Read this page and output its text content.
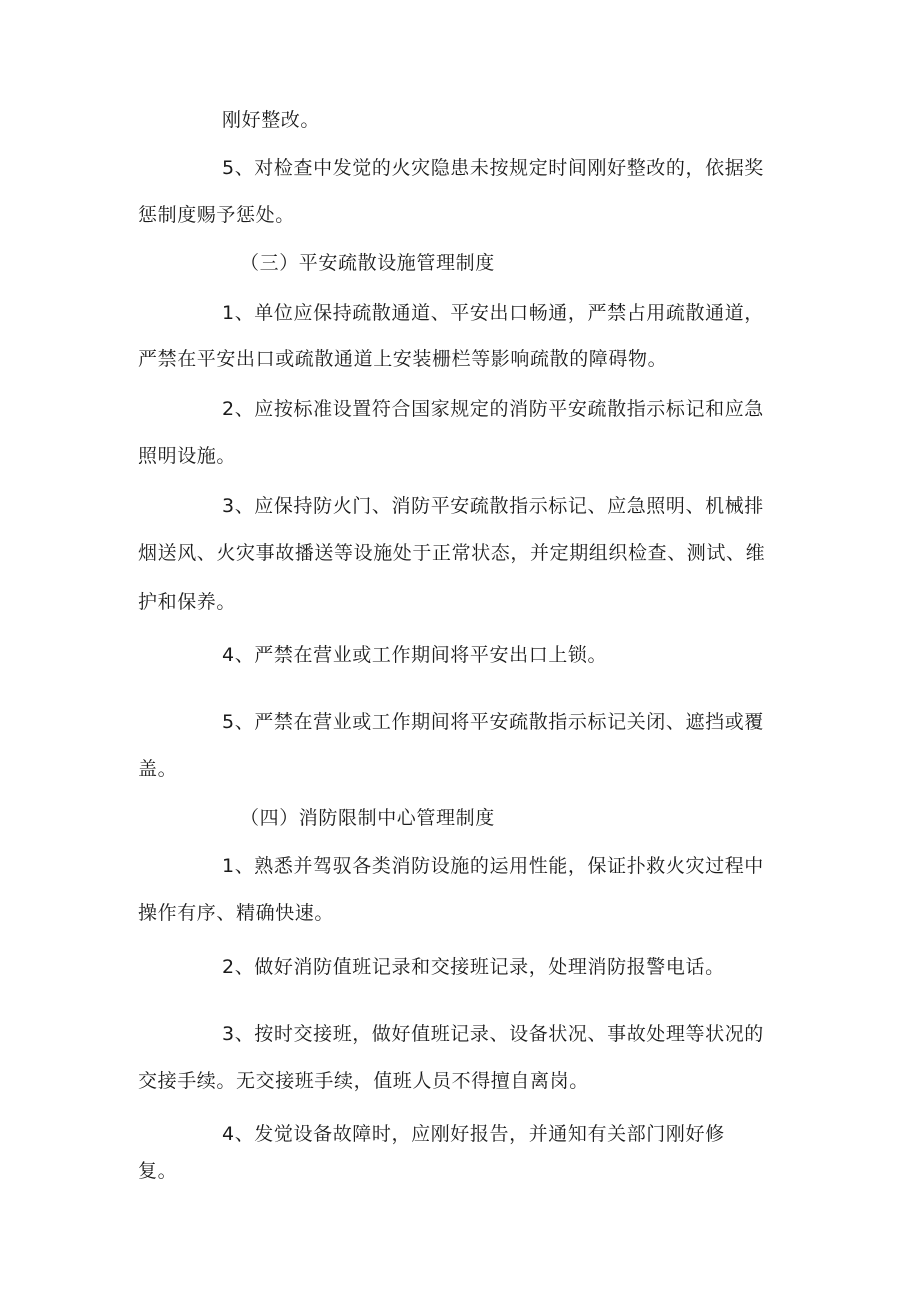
刚好整改。
5、对检查中发觉的火灾隐患未按规定时间刚好整改的，依据奖
惩制度赐予惩处。
（三）平安疏散设施管理制度
1、单位应保持疏散通道、平安出口畅通，严禁占用疏散通道，
严禁在平安出口或疏散通道上安装栅栏等影响疏散的障碍物。
2、应按标准设置符合国家规定的消防平安疏散指示标记和应急
照明设施。
3、应保持防火门、消防平安疏散指示标记、应急照明、机械排
烟送风、火灾事故播送等设施处于正常状态，并定期组织检查、测试、维
护和保养。
4、严禁在营业或工作期间将平安出口上锁。
5、严禁在营业或工作期间将平安疏散指示标记关闭、遮挡或覆
盖。
（四）消防限制中心管理制度
1、熟悉并驾驭各类消防设施的运用性能，保证扑救火灾过程中
操作有序、精确快速。
2、做好消防值班记录和交接班记录，处理消防报警电话。
3、按时交接班，做好值班记录、设备状况、事故处理等状况的
交接手续。无交接班手续，值班人员不得擅自离岗。
4、发觉设备故障时，应刚好报告，并通知有关部门刚好修
复。
